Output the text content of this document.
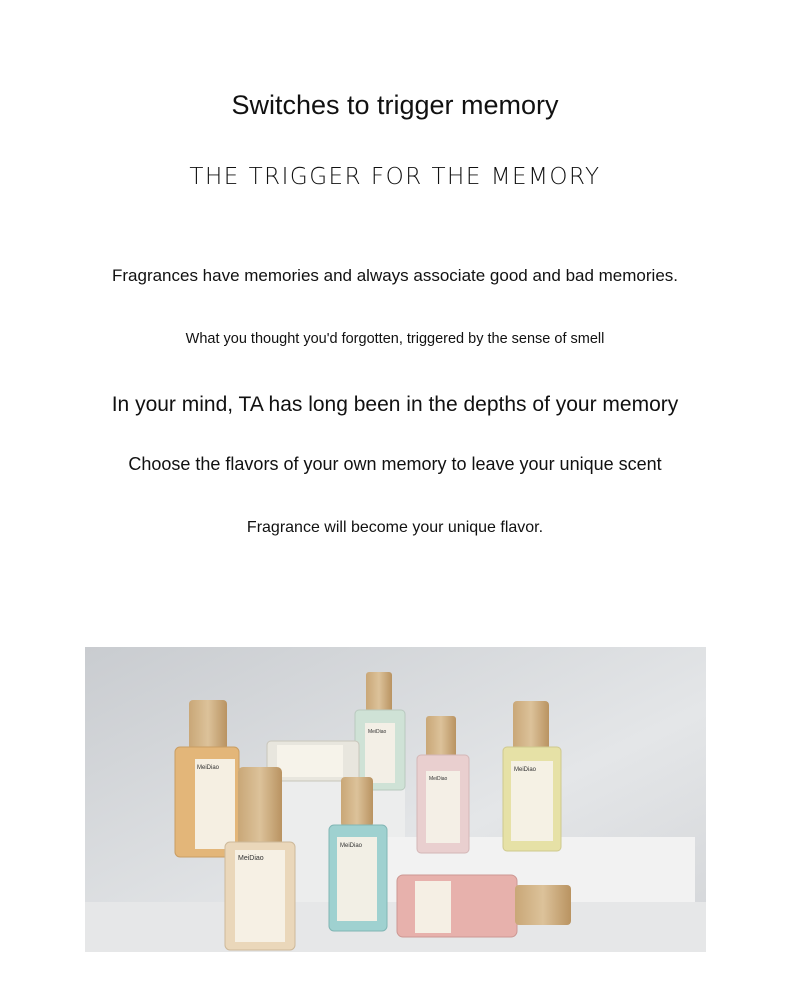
Switches to trigger memory
THE TRIGGER FOR THE MEMORY
Fragrances have memories and always associate good and bad memories.
What you thought you'd forgotten, triggered by the sense of smell
In your mind, TA has long been in the depths of your memory
Choose the flavors of your own memory to leave your unique scent
Fragrance will become your unique flavor.
MeiDiao
MeiDiao
MeiDiao
MeiDiao
MeiDiao
MeiDiao
